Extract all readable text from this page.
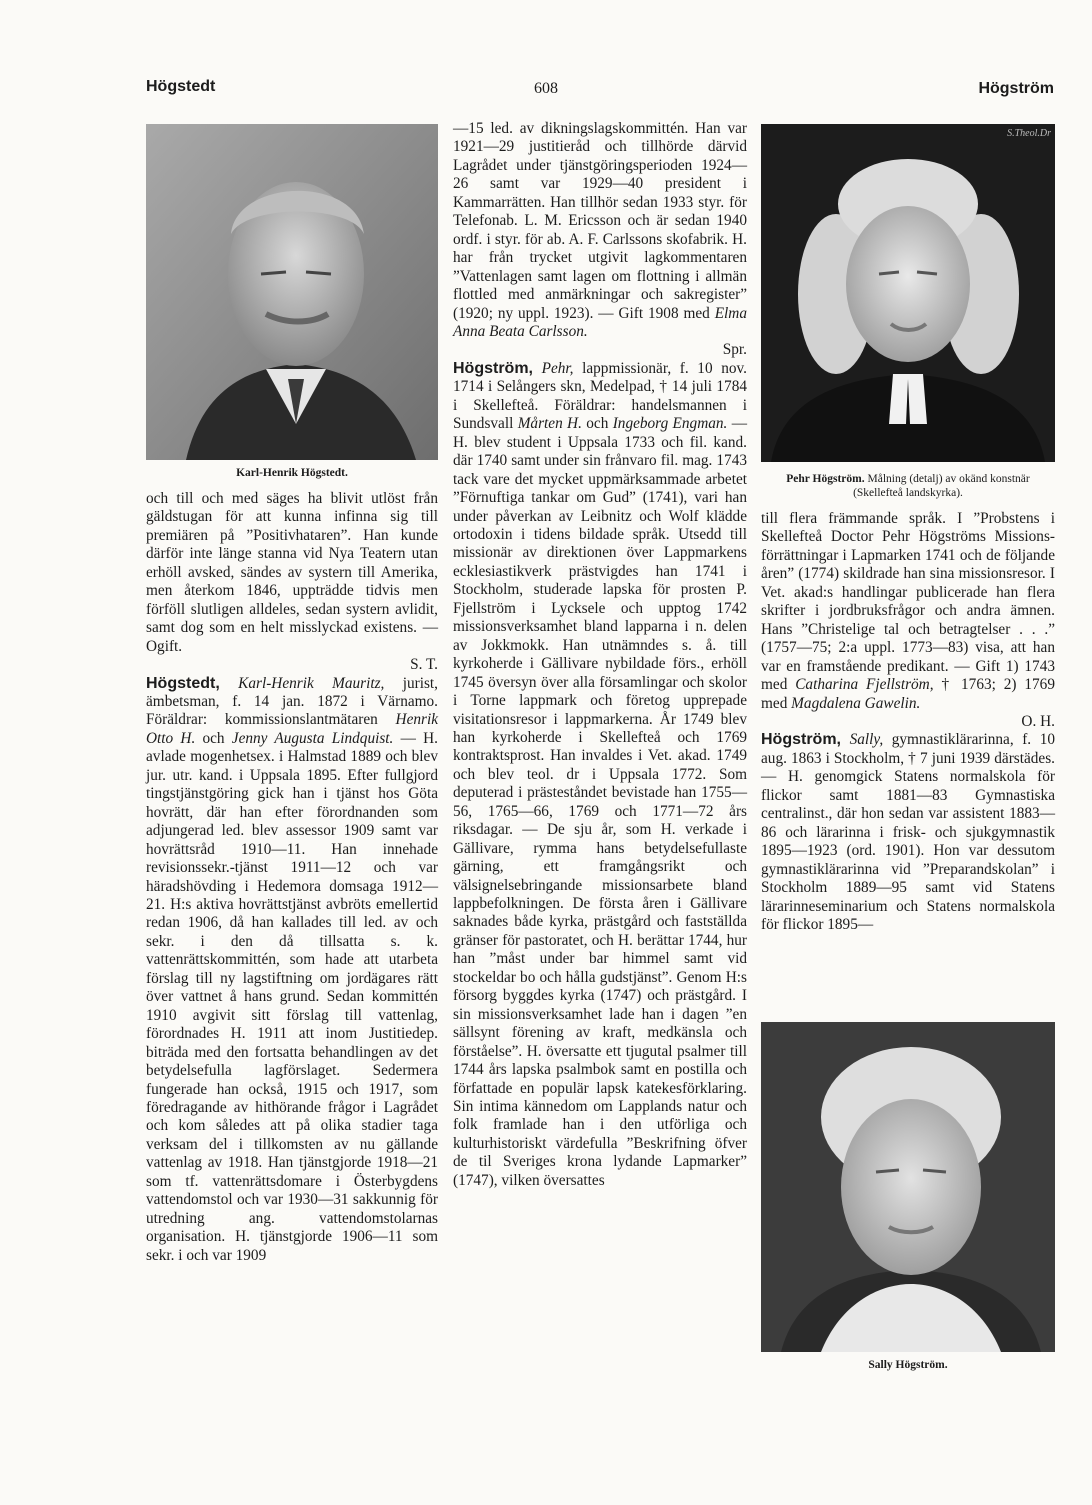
Högstedt	608	Högström
Karl-Henrik Högstedt.
S.Theol.Dr
Pehr Högström. Målning (detalj) av okänd konstnär (Skellefteå landskyrka).
Sally Högström.

och till och med säges ha blivit utlöst från gäldstugan för att kunna infinna sig till premiären på ”Positivhataren”. Han kunde därför inte länge stanna vid Nya Teatern utan erhöll avsked, sändes av systern till Amerika, men återkom 1846, uppträdde tidvis men förföll slutligen alldeles, sedan systern avlidit, samt dog som en helt misslyckad existens. — Ogift.
S. T.

Högstedt, Karl-Henrik Mauritz, jurist, ämbetsman, f. 14 jan. 1872 i Värnamo. Föräldrar: kommissionslantmätaren Henrik Otto H. och Jenny Augusta Lindquist. — H. avlade mogenhetsex. i Halmstad 1889 och blev jur. utr. kand. i Uppsala 1895. Efter fullgjord tingstjänstgöring gick han i tjänst hos Göta hovrätt, där han efter förordnanden som adjungerad led. blev assessor 1909 samt var hovrättsråd 1910—11. Han innehade revisionssekr.-tjänst 1911—12 och var häradshövding i Hedemora domsaga 1912—21. H:s aktiva hovrättstjänst avbröts emellertid redan 1906, då han kallades till led. av och sekr. i den då tillsatta s. k. vattenrättskommittén, som hade att utarbeta förslag till ny lagstiftning om jordägares rätt över vattnet å hans grund. Sedan kommittén 1910 avgivit sitt förslag till vattenlag, förordnades H. 1911 att inom Justitiedep. biträda med den fortsatta behandlingen av det betydelsefulla lagförslaget. Sedermera fungerade han också, 1915 och 1917, som föredragande av hithörande frågor i Lagrådet och kom således att på olika stadier taga verksam del i tillkomsten av nu gällande vattenlag av 1918. Han tjänstgjorde 1918—21 som tf. vattenrättsdomare i Österbygdens vattendomstol och var 1930—31 sakkunnig för utredning ang. vattendomstolarnas organisation. H. tjänstgjorde 1906—11 som sekr. i och var 1909

—15 led. av dikningslagskommittén. Han var 1921—29 justitieråd och tillhörde därvid Lagrådet under tjänstgöringsperioden 1924—26 samt var 1929—40 president i Kammarrätten. Han tillhör sedan 1933 styr. för Telefonab. L. M. Ericsson och är sedan 1940 ordf. i styr. för ab. A. F. Carlssons skofabrik. H. har från trycket utgivit lagkommentaren ”Vattenlagen samt lagen om flottning i allmän flottled med anmärkningar och sakregister” (1920; ny uppl. 1923). — Gift 1908 med Elma Anna Beata Carlsson.
Spr.

Högström, Pehr, lappmissionär, f. 10 nov. 1714 i Selångers skn, Medelpad, † 14 juli 1784 i Skellefteå. Föräldrar: handelsmannen i Sundsvall Mårten H. och Ingeborg Engman. — H. blev student i Uppsala 1733 och fil. kand. där 1740 samt under sin frånvaro fil. mag. 1743 tack vare det mycket uppmärksammade arbetet ”Förnuftiga tankar om Gud” (1741), vari han under påverkan av Leibnitz och Wolf klädde ortodoxin i tidens bildade språk. Utsedd till missionär av direktionen över Lappmarkens ecklesiastikverk prästvigdes han 1741 i Stockholm, studerade lapska för prosten P. Fjellström i Lycksele och upptog 1742 missionsverksamhet bland lapparna i n. delen av Jokkmokk. Han utnämndes s. å. till kyrkoherde i Gällivare nybildade förs., erhöll 1745 översyn över alla församlingar och skolor i Torne lappmark och företog upprepade visitationsresor i lappmarkerna. År 1749 blev han kyrkoherde i Skellefteå och 1769 kontraktsprost. Han invaldes i Vet. akad. 1749 och blev teol. dr i Uppsala 1772. Som deputerad i prästeståndet bevistade han 1755—56, 1765—66, 1769 och 1771—72 års riksdagar. — De sju år, som H. verkade i Gällivare, rymma hans betydelsefullaste gärning, ett framgångsrikt och välsignelsebringande missionsarbete bland lappbefolkningen. De första åren i Gällivare saknades både kyrka, prästgård och fastställda gränser för pastoratet, och H. berättar 1744, hur han ”måst under bar himmel samt vid stockeldar bo och hålla gudstjänst”. Genom H:s försorg byggdes kyrka (1747) och prästgård. I sin missionsverksamhet lade han i dagen ”en sällsynt förening av kraft, medkänsla och förståelse”. H. översatte ett tjugutal psalmer till 1744 års lapska psalmbok samt en postilla och författade en populär lapsk katekesförklaring. Sin intima kännedom om Lapplands natur och folk framlade han i den utförliga och kulturhistoriskt värdefulla ”Beskrifning öfver de til Sveriges krona lydande Lapmarker” (1747), vilken översattes

till flera främmande språk. I ”Probstens i Skellefteå Doctor Pehr Högströms Missions-förrättningar i Lapmarken 1741 och de följande åren” (1774) skildrade han sina missionsresor. I Vet. akad:s handlingar publicerade han flera skrifter i jordbruksfrågor och andra ämnen. Hans ”Christelige tal och betragtelser . . .” (1757—75; 2:a uppl. 1773—83) visa, att han var en framstående predikant. — Gift 1) 1743 med Catharina Fjellström, † 1763; 2) 1769 med Magdalena Gawelin.
O. H.

Högström, Sally, gymnastiklärarinna, f. 10 aug. 1863 i Stockholm, † 7 juni 1939 därstädes. — H. genomgick Statens normalskola för flickor samt 1881—83 Gymnastiska centralinst., där hon sedan var assistent 1883—86 och lärarinna i frisk- och sjukgymnastik 1895—1923 (ord. 1901). Hon var dessutom gymnastiklärarinna vid ”Preparandskolan” i Stockholm 1889—95 samt vid Statens lärarinneseminarium och Statens normalskola för flickor 1895—
